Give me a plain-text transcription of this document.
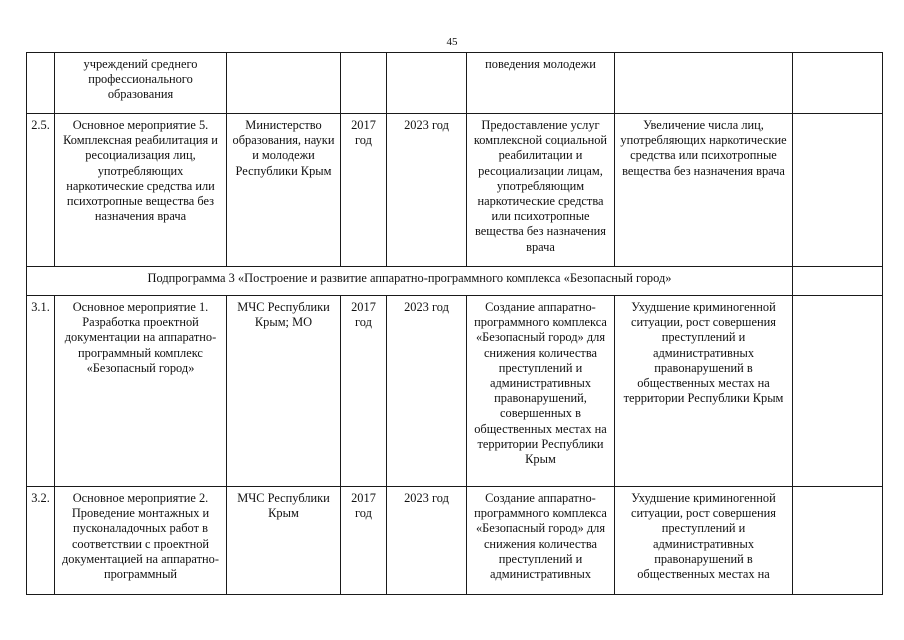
45
	учреждений среднего профессионального образования				поведения молодежи		
2.5.	Основное мероприятие 5. Комплексная реабилитация и ресоциализация лиц, употребляющих наркотические средства или психотропные вещества без назначения врача	Министерство образования, науки и молодежи Республики Крым	2017 год	2023 год	Предоставление услуг комплексной социальной реабилитации и ресоциализации лицам, употребляющим наркотические средства или психотропные вещества без назначения врача	Увеличение числа лиц, употребляющих наркотические средства или психотропные вещества без назначения врача	
Подпрограмма 3 «Построение и развитие аппаратно-программного комплекса «Безопасный город»							
3.1.	Основное мероприятие 1. Разработка проектной документации на аппаратно-программный комплекс «Безопасный город»	МЧС Республики Крым; МО	2017 год	2023 год	Создание аппаратно-программного комплекса «Безопасный город» для снижения количества преступлений и административных правонарушений, совершенных в общественных местах на территории Республики Крым	Ухудшение криминогенной ситуации, рост совершения преступлений и административных правонарушений в общественных местах на территории Республики Крым	
3.2.	Основное мероприятие 2. Проведение монтажных и пусконаладочных работ в соответствии с проектной документацией на аппаратно-программный	МЧС Республики Крым	2017 год	2023 год	Создание аппаратно-программного комплекса «Безопасный город» для снижения количества преступлений и административных	Ухудшение криминогенной ситуации, рост совершения преступлений и административных правонарушений в общественных местах на	
